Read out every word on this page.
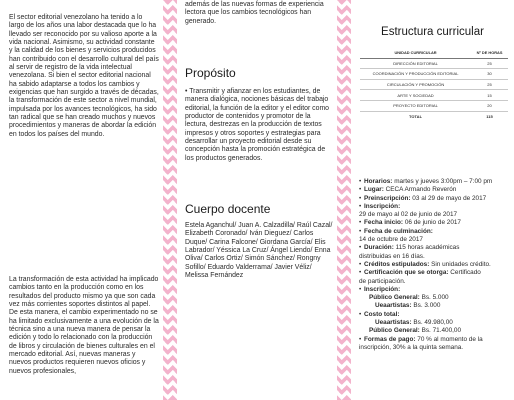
El sector editorial venezolano ha tenido a lo largo de los años una labor destacada que lo ha llevado ser reconocido por su valioso aporte a la vida nacional. Asimismo, su actividad constante y la calidad de los bienes y servicios producidos han contribuido con el desarrollo cultural del país al servir de registro de la vida intelectual venezolana. Si bien el sector editorial nacional ha sabido adaptarse a todos los cambios y exigencias que han surgido a través de décadas, la transformación de este sector a nivel mundial, impulsada por los avances tecnológicos, ha sido tan radical que se han creado muchos y nuevos procedimientos y maneras de abordar la edición en todos los países del mundo.

La transformación de esta actividad ha implicado cambios tanto en la producción como en los resultados del producto mismo ya que son cada vez más corrientes soportes distintos al papel. De esta manera, el cambio experimentado no se ha limitado exclusivamente a una evolución de la técnica sino a una nueva manera de pensar la edición y todo lo relacionado con la producción de libros y circulación de bienes culturales en el mercado editorial. Así, nuevas maneras y nuevos productos requieren nuevos oficios y nuevos profesionales,

además de las nuevas formas de experiencia lectora que los cambios tecnológicos han generado.

Propósito

• Transmitir y afianzar en los estudiantes, de manera dialógica, nociones básicas del trabajo editorial, la función de la editor y el editor como productor de contenidos y promotor de la lectura, destrezas en la producción de textos impresos y otros soportes y estrategias para desarrollar un proyecto editorial desde su concepción hasta la promoción estratégica de los productos generados.

Cuerpo docente

Estela Aganchul/ Juan A. Calzadilla/ Raúl Cazal/ Elizabeth Coronado/ Iván Dieguez/ Carlos Duque/ Carina Falcone/ Giordana García/ Elis Labrador/ Yéssica La Cruz/ Ángel Liendo/ Enna Oliva/ Carlos Ortiz/ Simón Sánchez/ Rongny Sofillo/ Eduardo Valderrama/ Javier Véliz/ Melissa Fernández

Estructura curricular
UNIDAD CURRICULAR	Nº DE HORAS
DIRECCIÓN EDITORIAL	25
COORDINACIÓN Y PRODUCCIÓN EDITORIAL	30
CIRCULACIÓN Y PROMOCIÓN	25
ARTE Y SOCIEDAD	15
PROYECTO EDITORIAL	20
TOTAL	115

• Horarios: martes y jueves 3:00pm – 7:00 pm

• Lugar: CECA Armando Reverón

• Preinscripción: 03 al 29 de mayo de 2017

• Inscripción:

29 de mayo al 02 de junio de 2017

• Fecha inicio: 06 de junio de 2017

• Fecha de culminación:

14 de octubre de 2017

• Duración: 115 horas académicas

distribuidas en 16 días.

• Créditos estipulados: Sin unidades crédito.

• Certificación que se otorga: Certificado

de participación.

• Inscripción:

Público General: Bs. 5.000

Ueaartistas: Bs. 3.000

• Costo total:

Ueaartistas: Bs. 49.980,00

Público General: Bs. 71.400,00

• Formas de pago: 70 % al momento de la

inscripción, 30% a la quinta semana.
